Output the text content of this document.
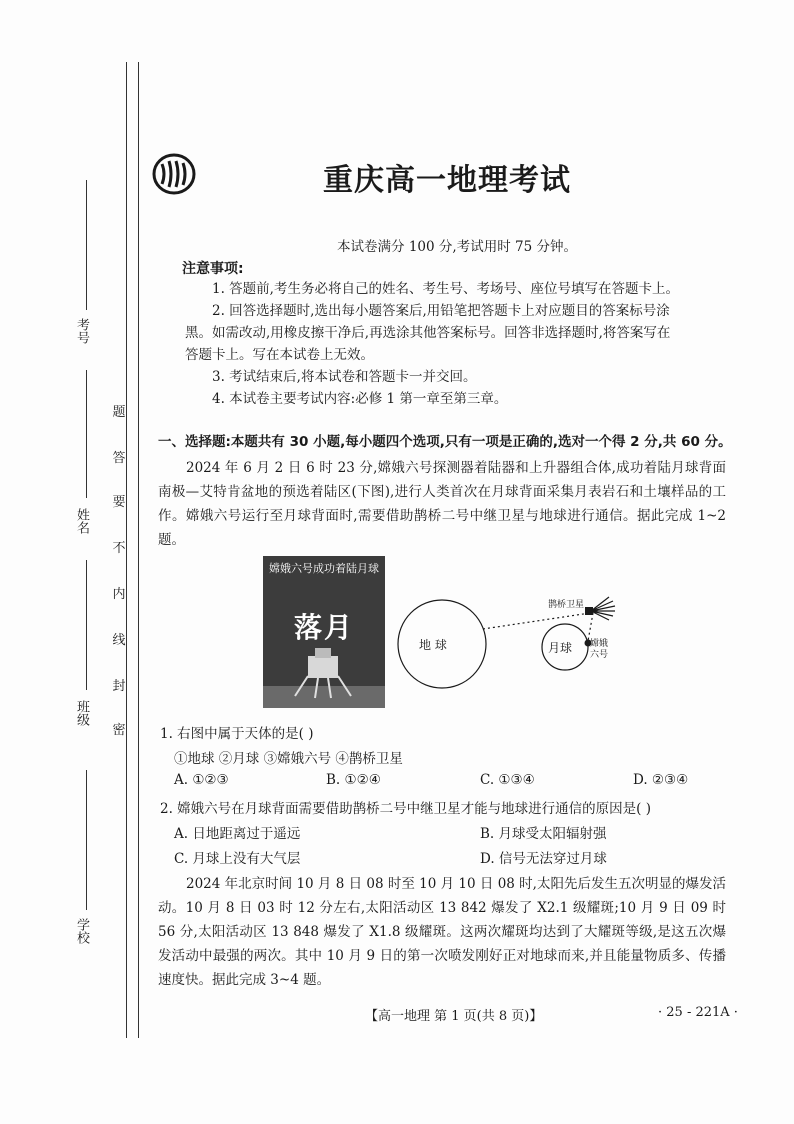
考号
姓名
班级
学校
题
答
要
不
内
线
封
密
重庆高一地理考试
本试卷满分 100 分,考试用时 75 分钟。
注意事项:
1. 答题前,考生务必将自己的姓名、考生号、考场号、座位号填写在答题卡上。
2. 回答选择题时,选出每小题答案后,用铅笔把答题卡上对应题目的答案标号涂
黑。如需改动,用橡皮擦干净后,再选涂其他答案标号。回答非选择题时,将答案写在
答题卡上。写在本试卷上无效。
3. 考试结束后,将本试卷和答题卡一并交回。
4. 本试卷主要考试内容:必修 1 第一章至第三章。
一、选择题:本题共有 30 小题,每小题四个选项,只有一项是正确的,选对一个得 2 分,共 60 分。
2024 年 6 月 2 日 6 时 23 分,嫦娥六号探测器着陆器和上升器组合体,成功着陆月球背面南极—艾特肯盆地的预选着陆区(下图),进行人类首次在月球背面采集月表岩石和土壤样品的工作。嫦娥六号运行至月球背面时,需要借助鹊桥二号中继卫星与地球进行通信。据此完成 1~2 题。
嫦娥六号成功着陆月球
落月
地 球	月球
鹊桥卫星
嫦娥
六号
1. 右图中属于天体的是( )
①地球 ②月球 ③嫦娥六号 ④鹊桥卫星
A. ①②③	B. ①②④	C. ①③④	D. ②③④
2. 嫦娥六号在月球背面需要借助鹊桥二号中继卫星才能与地球进行通信的原因是( )
A. 日地距离过于遥远	B. 月球受太阳辐射强
C. 月球上没有大气层	D. 信号无法穿过月球
2024 年北京时间 10 月 8 日 08 时至 10 月 10 日 08 时,太阳先后发生五次明显的爆发活动。10 月 8 日 03 时 12 分左右,太阳活动区 13 842 爆发了 X2.1 级耀斑;10 月 9 日 09 时 56 分,太阳活动区 13 848 爆发了 X1.8 级耀斑。这两次耀斑均达到了大耀斑等级,是这五次爆发活动中最强的两次。其中 10 月 9 日的第一次喷发刚好正对地球而来,并且能量物质多、传播速度快。据此完成 3~4 题。
【高一地理 第 1 页(共 8 页)】	· 25 - 221A ·
